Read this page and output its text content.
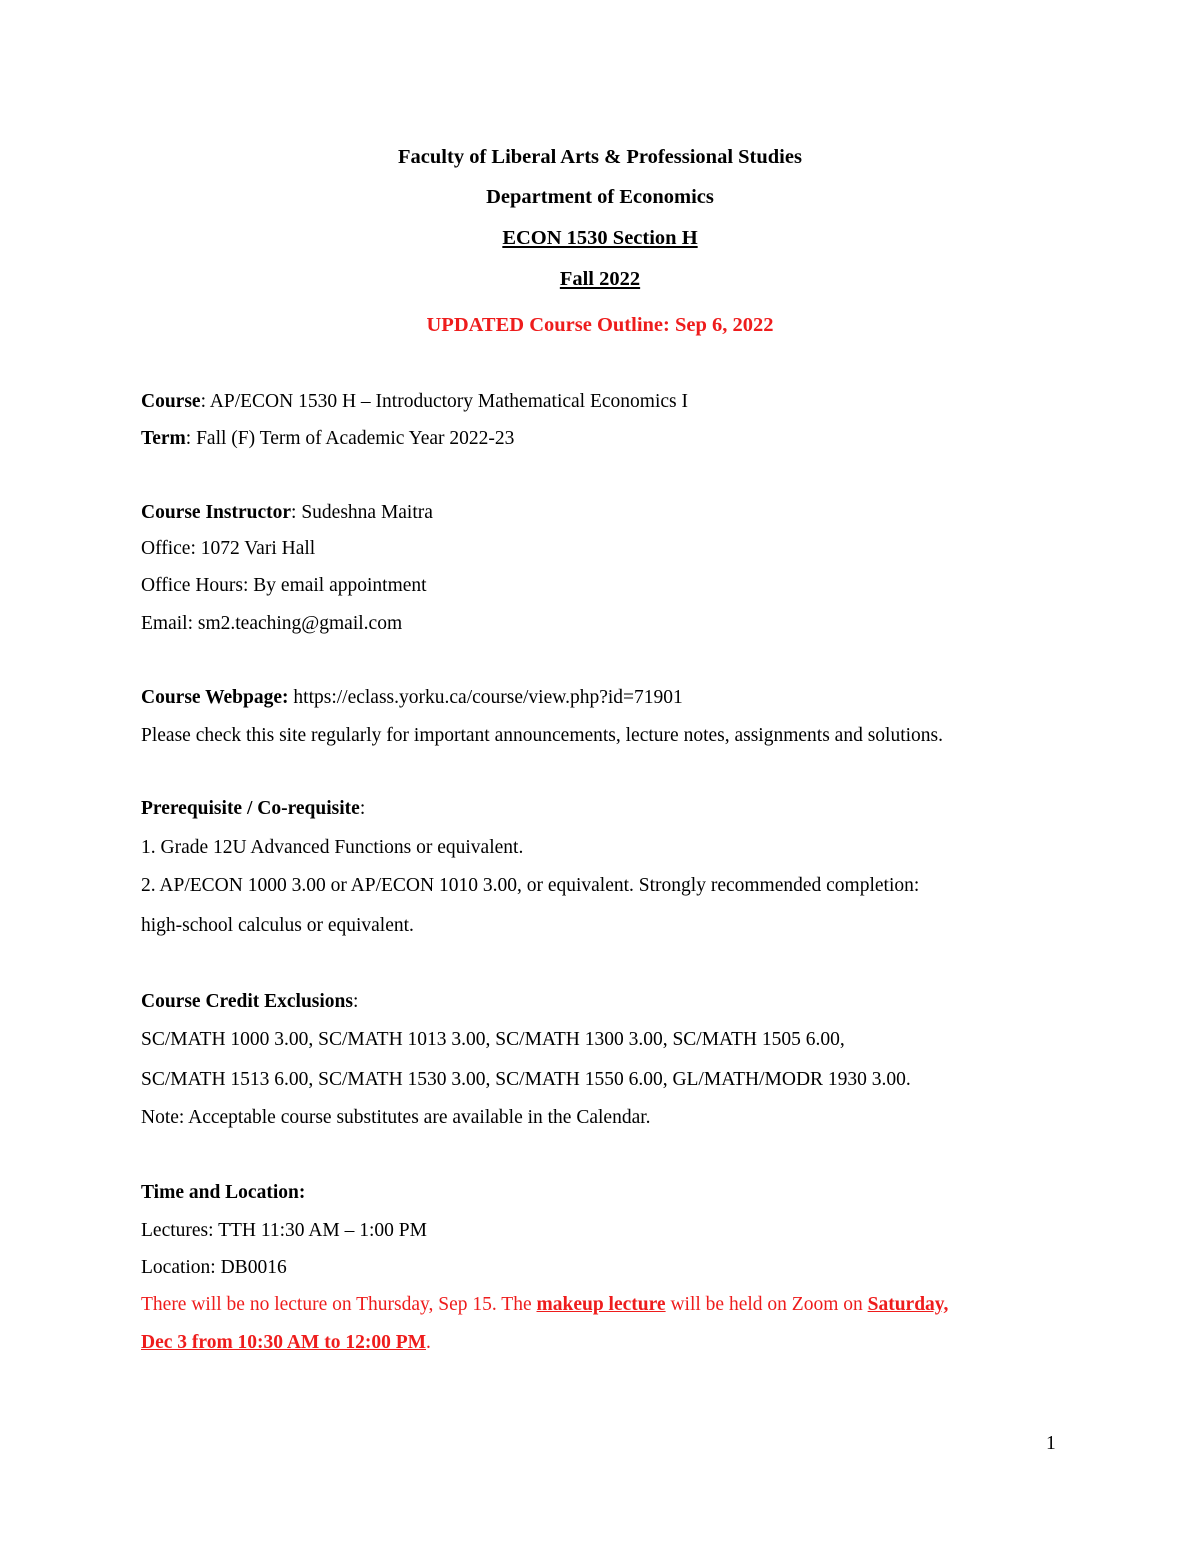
Faculty of Liberal Arts & Professional Studies
Department of Economics
ECON 1530 Section H
Fall 2022
UPDATED Course Outline: Sep 6, 2022
Course: AP/ECON 1530 H – Introductory Mathematical Economics I
Term: Fall (F) Term of Academic Year 2022-23
Course Instructor: Sudeshna Maitra
Office: 1072 Vari Hall
Office Hours: By email appointment
Email: sm2.teaching@gmail.com
Course Webpage: https://eclass.yorku.ca/course/view.php?id=71901
Please check this site regularly for important announcements, lecture notes, assignments and solutions.
Prerequisite / Co-requisite:
1. Grade 12U Advanced Functions or equivalent.
2. AP/ECON 1000 3.00 or AP/ECON 1010 3.00, or equivalent. Strongly recommended completion:
high-school calculus or equivalent.
Course Credit Exclusions:
SC/MATH 1000 3.00, SC/MATH 1013 3.00, SC/MATH 1300 3.00, SC/MATH 1505 6.00,
SC/MATH 1513 6.00, SC/MATH 1530 3.00, SC/MATH 1550 6.00, GL/MATH/MODR 1930 3.00.
Note: Acceptable course substitutes are available in the Calendar.
Time and Location:
Lectures: TTH 11:30 AM – 1:00 PM
Location: DB0016
There will be no lecture on Thursday, Sep 15. The makeup lecture will be held on Zoom on Saturday,
Dec 3 from 10:30 AM to 12:00 PM.
1
